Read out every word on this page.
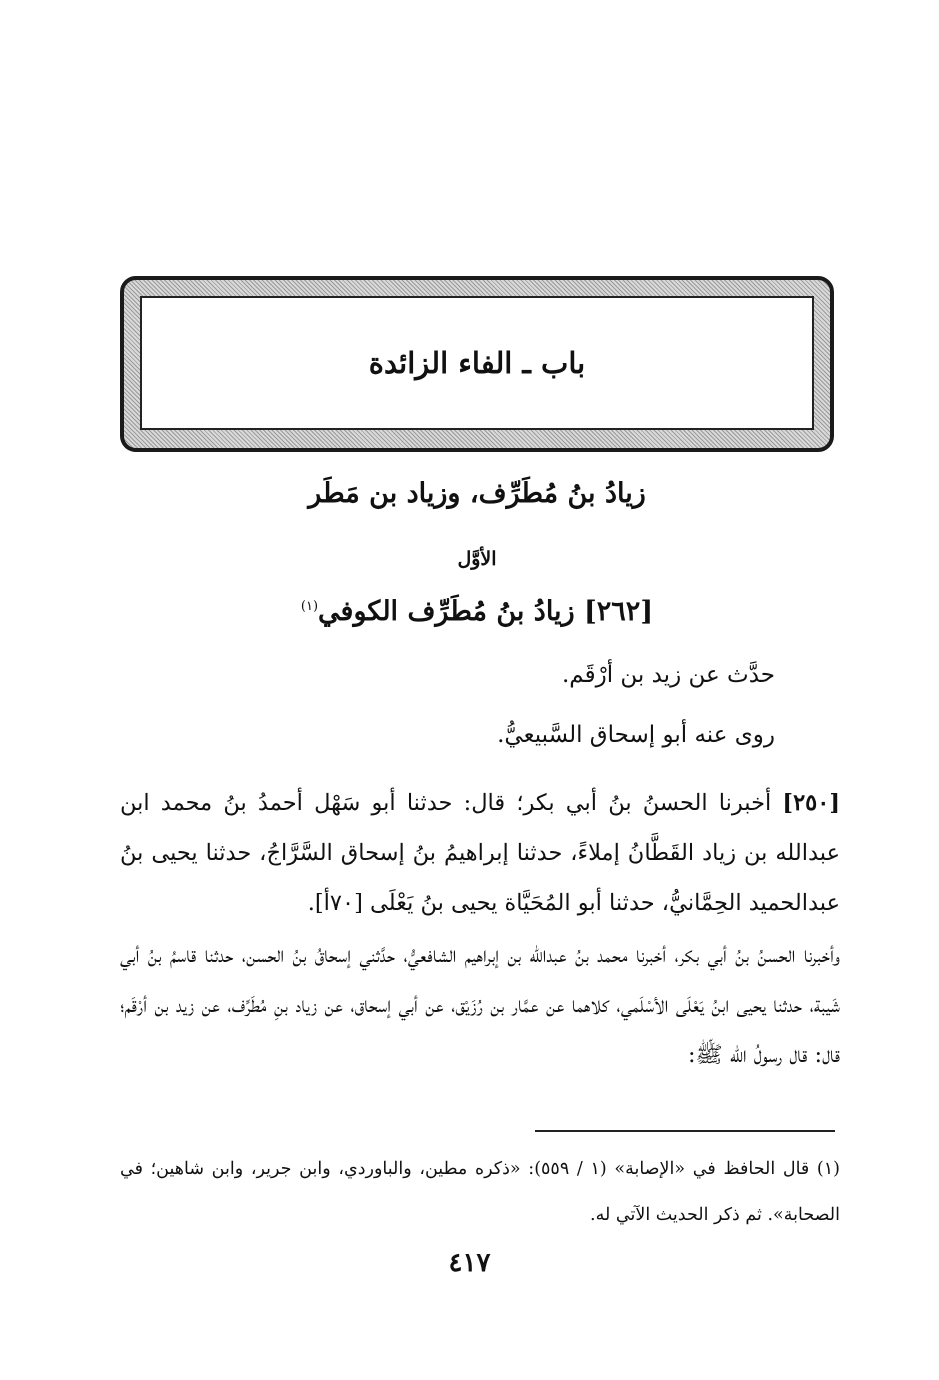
باب ـ الفاء الزائدة
زيادُ بنُ مُطَرِّف، وزياد بن مَطَر
الأوَّل
[٢٦٢] زيادُ بنُ مُطَرِّف الكوفي$^{(١)}$
حدَّث عن زيد بن أرْقَم.
روى عنه أبو إسحاق السَّبيعيُّ.

[٢٥٠] أخبرنا الحسنُ بنُ أبي بكر؛ قال: حدثنا أبو سَهْل أحمدُ بنُ محمد ابن عبدالله بن زياد القَطَّانُ إملاءً، حدثنا إبراهيمُ بنُ إسحاق السَّرَّاجُ، حدثنا يحيى بنُ عبدالحميد الحِمَّانيُّ، حدثنا أبو المُحَيَّاة يحيى بنُ يَعْلَى [٧٠أ].

وأخبرنا الحسنُ بنُ أبي بكر، أخبرنا محمد بنُ عبدالله بن إبراهيم الشافعيُّ، حدَّثني إسحاقُ بنُ الحسن، حدثنا قاسمُ بنُ أبي شَيبة، حدثنا يحيى ابنُ يَعْلَى الأسْلَمي، كلاهما عن عمَّار بن رُزَيْق، عن أبي إسحاق، عن زياد بنِ مُطَرِّف، عن زيد بن أرْقَم؛ قال: قال رسولُ الله ﷺ:

(١) قال الحافظ في «الإصابة» (١ / ٥٥٩): «ذكره مطين، والباوردي، وابن جرير، وابن شاهين؛ في الصحابة». ثم ذكر الحديث الآتي له.

٤١٧
